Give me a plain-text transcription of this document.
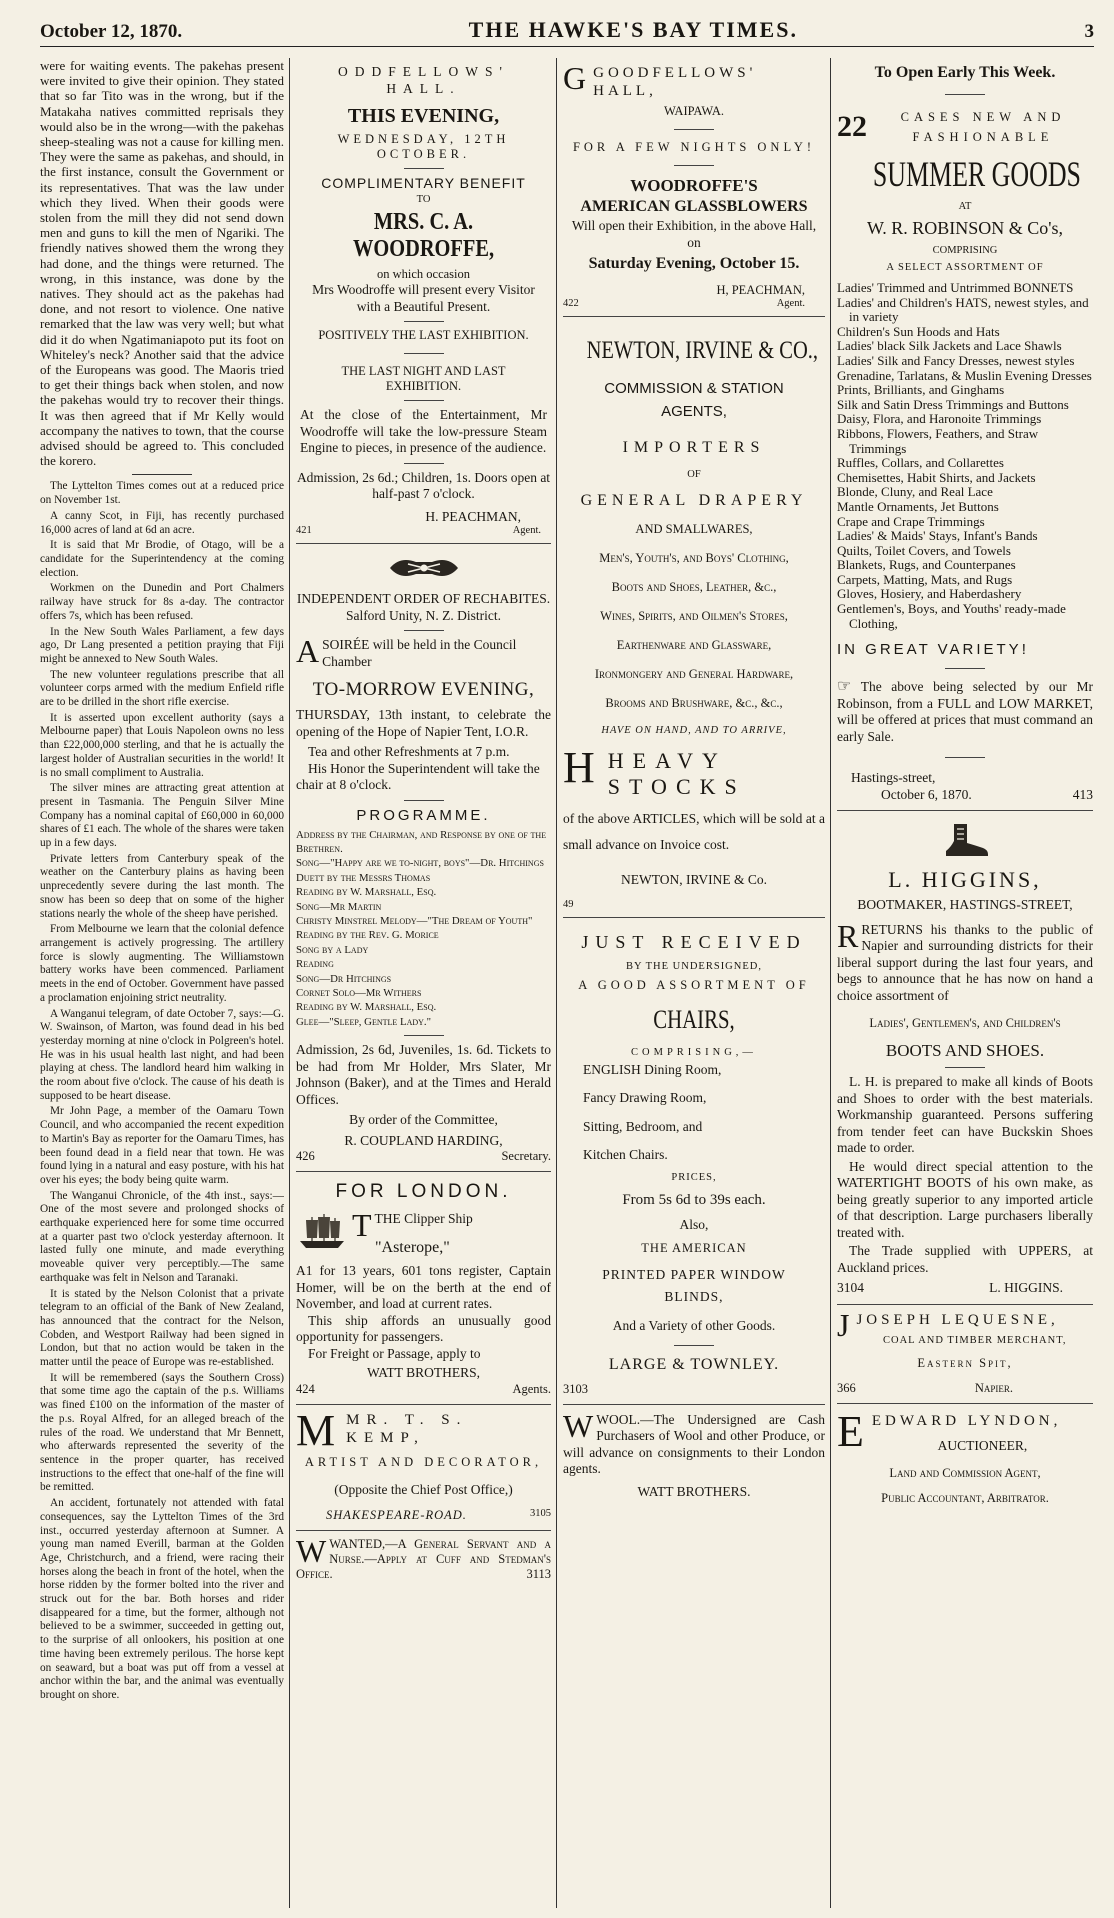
October 12, 1870.	THE HAWKE'S BAY TIMES.	3

were for waiting events. The pakehas present were invited to give their opinion. They stated that so far Tito was in the wrong, but if the Matakaha natives committed reprisals they would also be in the wrong—with the pakehas sheep-stealing was not a cause for killing men. They were the same as pakehas, and should, in the first instance, consult the Government or its representatives. That was the law under which they lived. When their goods were stolen from the mill they did not send down men and guns to kill the men of Ngariki. The friendly natives showed them the wrong they had done, and the things were returned. The wrong, in this instance, was done by the natives. They should act as the pakehas had done, and not resort to violence. One native remarked that the law was very well; but what did it do when Ngatimaniapoto put its foot on Whiteley's neck? Another said that the advice of the Europeans was good. The Maoris tried to get their things back when stolen, and now the pakehas would try to recover their things. It was then agreed that if Mr Kelly would accompany the natives to town, that the course advised should be agreed to. This concluded the korero.

The Lyttelton Times comes out at a reduced price on November 1st.

A canny Scot, in Fiji, has recently purchased 16,000 acres of land at 6d an acre.

It is said that Mr Brodie, of Otago, will be a candidate for the Superintendency at the coming election.

Workmen on the Dunedin and Port Chalmers railway have struck for 8s a-day. The contractor offers 7s, which has been refused.

In the New South Wales Parliament, a few days ago, Dr Lang presented a petition praying that Fiji might be annexed to New South Wales.

The new volunteer regulations prescribe that all volunteer corps armed with the medium Enfield rifle are to be drilled in the short rifle exercise.

It is asserted upon excellent authority (says a Melbourne paper) that Louis Napoleon owns no less than £22,000,000 sterling, and that he is actually the largest holder of Australian securities in the world! It is no small compliment to Australia.

The silver mines are attracting great attention at present in Tasmania. The Penguin Silver Mine Company has a nominal capital of £60,000 in 60,000 shares of £1 each. The whole of the shares were taken up in a few days.

Private letters from Canterbury speak of the weather on the Canterbury plains as having been unprecedently severe during the last month. The snow has been so deep that on some of the higher stations nearly the whole of the sheep have perished.

From Melbourne we learn that the colonial defence arrangement is actively progressing. The artillery force is slowly augmenting. The Williamstown battery works have been commenced. Parliament meets in the end of October. Government have passed a proclamation enjoining strict neutrality.

A Wanganui telegram, of date October 7, says:—G. W. Swainson, of Marton, was found dead in his bed yesterday morning at nine o'clock in Polgreen's hotel. He was in his usual health last night, and had been playing at chess. The landlord heard him walking in the room about five o'clock. The cause of his death is supposed to be heart disease.

Mr John Page, a member of the Oamaru Town Council, and who accompanied the recent expedition to Martin's Bay as reporter for the Oamaru Times, has been found dead in a field near that town. He was found lying in a natural and easy posture, with his hat over his eyes; the body being quite warm.

The Wanganui Chronicle, of the 4th inst., says:—One of the most severe and prolonged shocks of earthquake experienced here for some time occurred at a quarter past two o'clock yesterday afternoon. It lasted fully one minute, and made everything moveable quiver very perceptibly.—The same earthquake was felt in Nelson and Taranaki.

It is stated by the Nelson Colonist that a private telegram to an official of the Bank of New Zealand, has announced that the contract for the Nelson, Cobden, and Westport Railway had been signed in London, but that no action would be taken in the matter until the peace of Europe was re-established.

It will be remembered (says the Southern Cross) that some time ago the captain of the p.s. Williams was fined £100 on the information of the master of the p.s. Royal Alfred, for an alleged breach of the rules of the road. We understand that Mr Bennett, who afterwards represented the severity of the sentence in the proper quarter, has received instructions to the effect that one-half of the fine will be remitted.

An accident, fortunately not attended with fatal consequences, say the Lyttelton Times of the 3rd inst., occurred yesterday afternoon at Sumner. A young man named Everill, barman at the Golden Age, Christchurch, and a friend, were racing their horses along the beach in front of the hotel, when the horse ridden by the former bolted into the river and struck out for the bar. Both horses and rider disappeared for a time, but the former, although not believed to be a swimmer, succeeded in getting out, to the surprise of all onlookers, his position at one time having been extremely perilous. The horse kept on seaward, but a boat was put off from a vessel at anchor within the bar, and the animal was eventually brought on shore.

ODDFELLOWS' HALL.

THIS EVENING,

WEDNESDAY, 12TH OCTOBER.

COMPLIMENTARY BENEFIT

TO

MRS. C. A. WOODROFFE,

on which occasion

Mrs Woodroffe will present every Visitor with a Beautiful Present.

POSITIVELY THE LAST EXHIBITION.

THE LAST NIGHT AND LAST EXHIBITION.

At the close of the Entertainment, Mr Woodroffe will take the low-pressure Steam Engine to pieces, in presence of the audience.

Admission, 2s 6d.; Children, 1s. Doors open at half-past 7 o'clock.

H. PEACHMAN,

421	Agent.

INDEPENDENT ORDER OF RECHABITES.

Salford Unity, N. Z. District.

ASOIRÉE will be held in the Council Chamber

TO-MORROW EVENING,

THURSDAY, 13th instant, to celebrate the opening of the Hope of Napier Tent, I.O.R.

Tea and other Refreshments at 7 p.m.

His Honor the Superintendent will take the chair at 8 o'clock.

PROGRAMME.

Address by the Chairman, and Response by one of the Brethren.

Song—"Happy are we to-night, boys"—Dr. Hitchings

Duett by the Messrs Thomas

Reading by W. Marshall, Esq.

Song—Mr Martin

Christy Minstrel Melody—"The Dream of Youth"

Reading by the Rev. G. Morice

Song by a Lady

Reading

Song—Dr Hitchings

Cornet Solo—Mr Withers

Reading by W. Marshall, Esq.

Glee—"Sleep, Gentle Lady."

Admission, 2s 6d, Juveniles, 1s. 6d. Tickets to be had from Mr Holder, Mrs Slater, Mr Johnson (Baker), and at the Times and Herald Offices.

By order of the Committee,

R. COUPLAND HARDING,

426	Secretary.

FOR LONDON.

TTHE Clipper Ship

"Asterope,"

A1 for 13 years, 601 tons register, Captain Homer, will be on the berth at the end of November, and load at current rates.

This ship affords an unusually good opportunity for passengers.

For Freight or Passage, apply to

WATT BROTHERS,

424	Agents.

MMR. T. S. KEMP,

ARTIST AND DECORATOR,

(Opposite the Chief Post Office,)

SHAKESPEARE-ROAD.	3105

WWANTED,—A General Servant and a Nurse.—Apply at Cuff and Stedman's Office.	3113

GGOODFELLOWS' HALL,

WAIPAWA.

FOR A FEW NIGHTS ONLY!

WOODROFFE'S

AMERICAN GLASSBLOWERS

Will open their Exhibition, in the above Hall, on

Saturday Evening, October 15.

H, PEACHMAN,

422	Agent.

NEWTON, IRVINE & CO.,

COMMISSION & STATION AGENTS,

IMPORTERS

OF

GENERAL DRAPERY

AND SMALLWARES,

Men's, Youth's, and Boys' Clothing,

Boots and Shoes, Leather, &c.,

Wines, Spirits, and Oilmen's Stores,

Earthenware and Glassware,

Ironmongery and General Hardware,

Brooms and Brushware, &c., &c.,

HAVE ON HAND, AND TO ARRIVE,

HHEAVY STOCKS

of the above ARTICLES, which will be sold at a small advance on Invoice cost.

NEWTON, IRVINE & Co.

49

JUST RECEIVED

BY THE UNDERSIGNED,

A GOOD ASSORTMENT OF

CHAIRS,

COMPRISING,—

ENGLISH Dining Room,

Fancy Drawing Room,

Sitting, Bedroom, and

Kitchen Chairs.

PRICES,

From 5s 6d to 39s each.

Also,

THE AMERICAN

PRINTED PAPER WINDOW BLINDS,

And a Variety of other Goods.

LARGE & TOWNLEY.

3103

WWOOL.—The Undersigned are Cash Purchasers of Wool and other Produce, or will advance on consignments to their London agents.

WATT BROTHERS.

To Open Early This Week.

22	CASES NEW AND FASHIONABLE

SUMMER GOODS

AT

W. R. ROBINSON & Co's,

COMPRISING

A SELECT ASSORTMENT OF

Ladies' Trimmed and Untrimmed BONNETS

Ladies' and Children's HATS, newest styles, and in variety

Children's Sun Hoods and Hats

Ladies' black Silk Jackets and Lace Shawls

Ladies' Silk and Fancy Dresses, newest styles

Grenadine, Tarlatans, & Muslin Evening Dresses

Prints, Brilliants, and Ginghams

Silk and Satin Dress Trimmings and Buttons

Daisy, Flora, and Haronoite Trimmings

Ribbons, Flowers, Feathers, and Straw Trimmings

Ruffles, Collars, and Collarettes

Chemisettes, Habit Shirts, and Jackets

Blonde, Cluny, and Real Lace

Mantle Ornaments, Jet Buttons

Crape and Crape Trimmings

Ladies' & Maids' Stays, Infant's Bands

Quilts, Toilet Covers, and Towels

Blankets, Rugs, and Counterpanes

Carpets, Matting, Mats, and Rugs

Gloves, Hosiery, and Haberdashery

Gentlemen's, Boys, and Youths' ready-made Clothing,

IN GREAT VARIETY!

☞ The above being selected by our Mr Robinson, from a FULL and LOW MARKET, will be offered at prices that must command an early Sale.

Hastings-street,

October 6, 1870.	413

L. HIGGINS,

BOOTMAKER, HASTINGS-STREET,

RRETURNS his thanks to the public of Napier and surrounding districts for their liberal support during the last four years, and begs to announce that he has now on hand a choice assortment of

Ladies', Gentlemen's, and Children's

BOOTS AND SHOES.

L. H. is prepared to make all kinds of Boots and Shoes to order with the best materials. Workmanship guaranteed. Persons suffering from tender feet can have Buckskin Shoes made to order.

He would direct special attention to the WATERTIGHT BOOTS of his own make, as being greatly superior to any imported article of that description. Large purchasers liberally treated with.

The Trade supplied with UPPERS, at Auckland prices.

3104	L. HIGGINS.

JJOSEPH LEQUESNE,

COAL AND TIMBER MERCHANT,

Eastern Spit,

366	Napier.

EEDWARD LYNDON,

AUCTIONEER,

Land and Commission Agent,

Public Accountant, Arbitrator.
